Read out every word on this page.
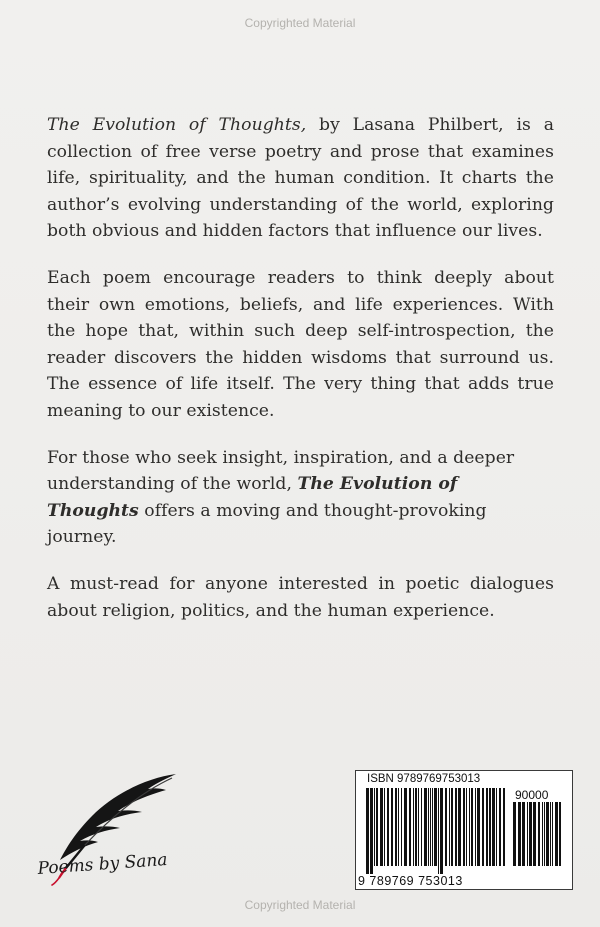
Copyrighted Material

The Evolution of Thoughts, by Lasana Philbert, is a collection of free verse poetry and prose that examines life, spirituality, and the human condition. It charts the author’s evolving understanding of the world, exploring both obvious and hidden factors that influence our lives.

Each poem encourage readers to think deeply about their own emotions, beliefs, and life experiences. With the hope that, within such deep self-introspection, the reader discovers the hidden wisdoms that surround us. The essence of life itself. The very thing that adds true meaning to our existence.

For those who seek insight, inspiration, and a deeper understanding of the world, The Evolution of Thoughts offers a moving and thought-provoking journey.

A must-read for anyone interested in poetic dialogues about religion, politics, and the human experience.

Poems by Sana
ISBN 9789769753013
90000
9 789769 753013
Copyrighted Material
